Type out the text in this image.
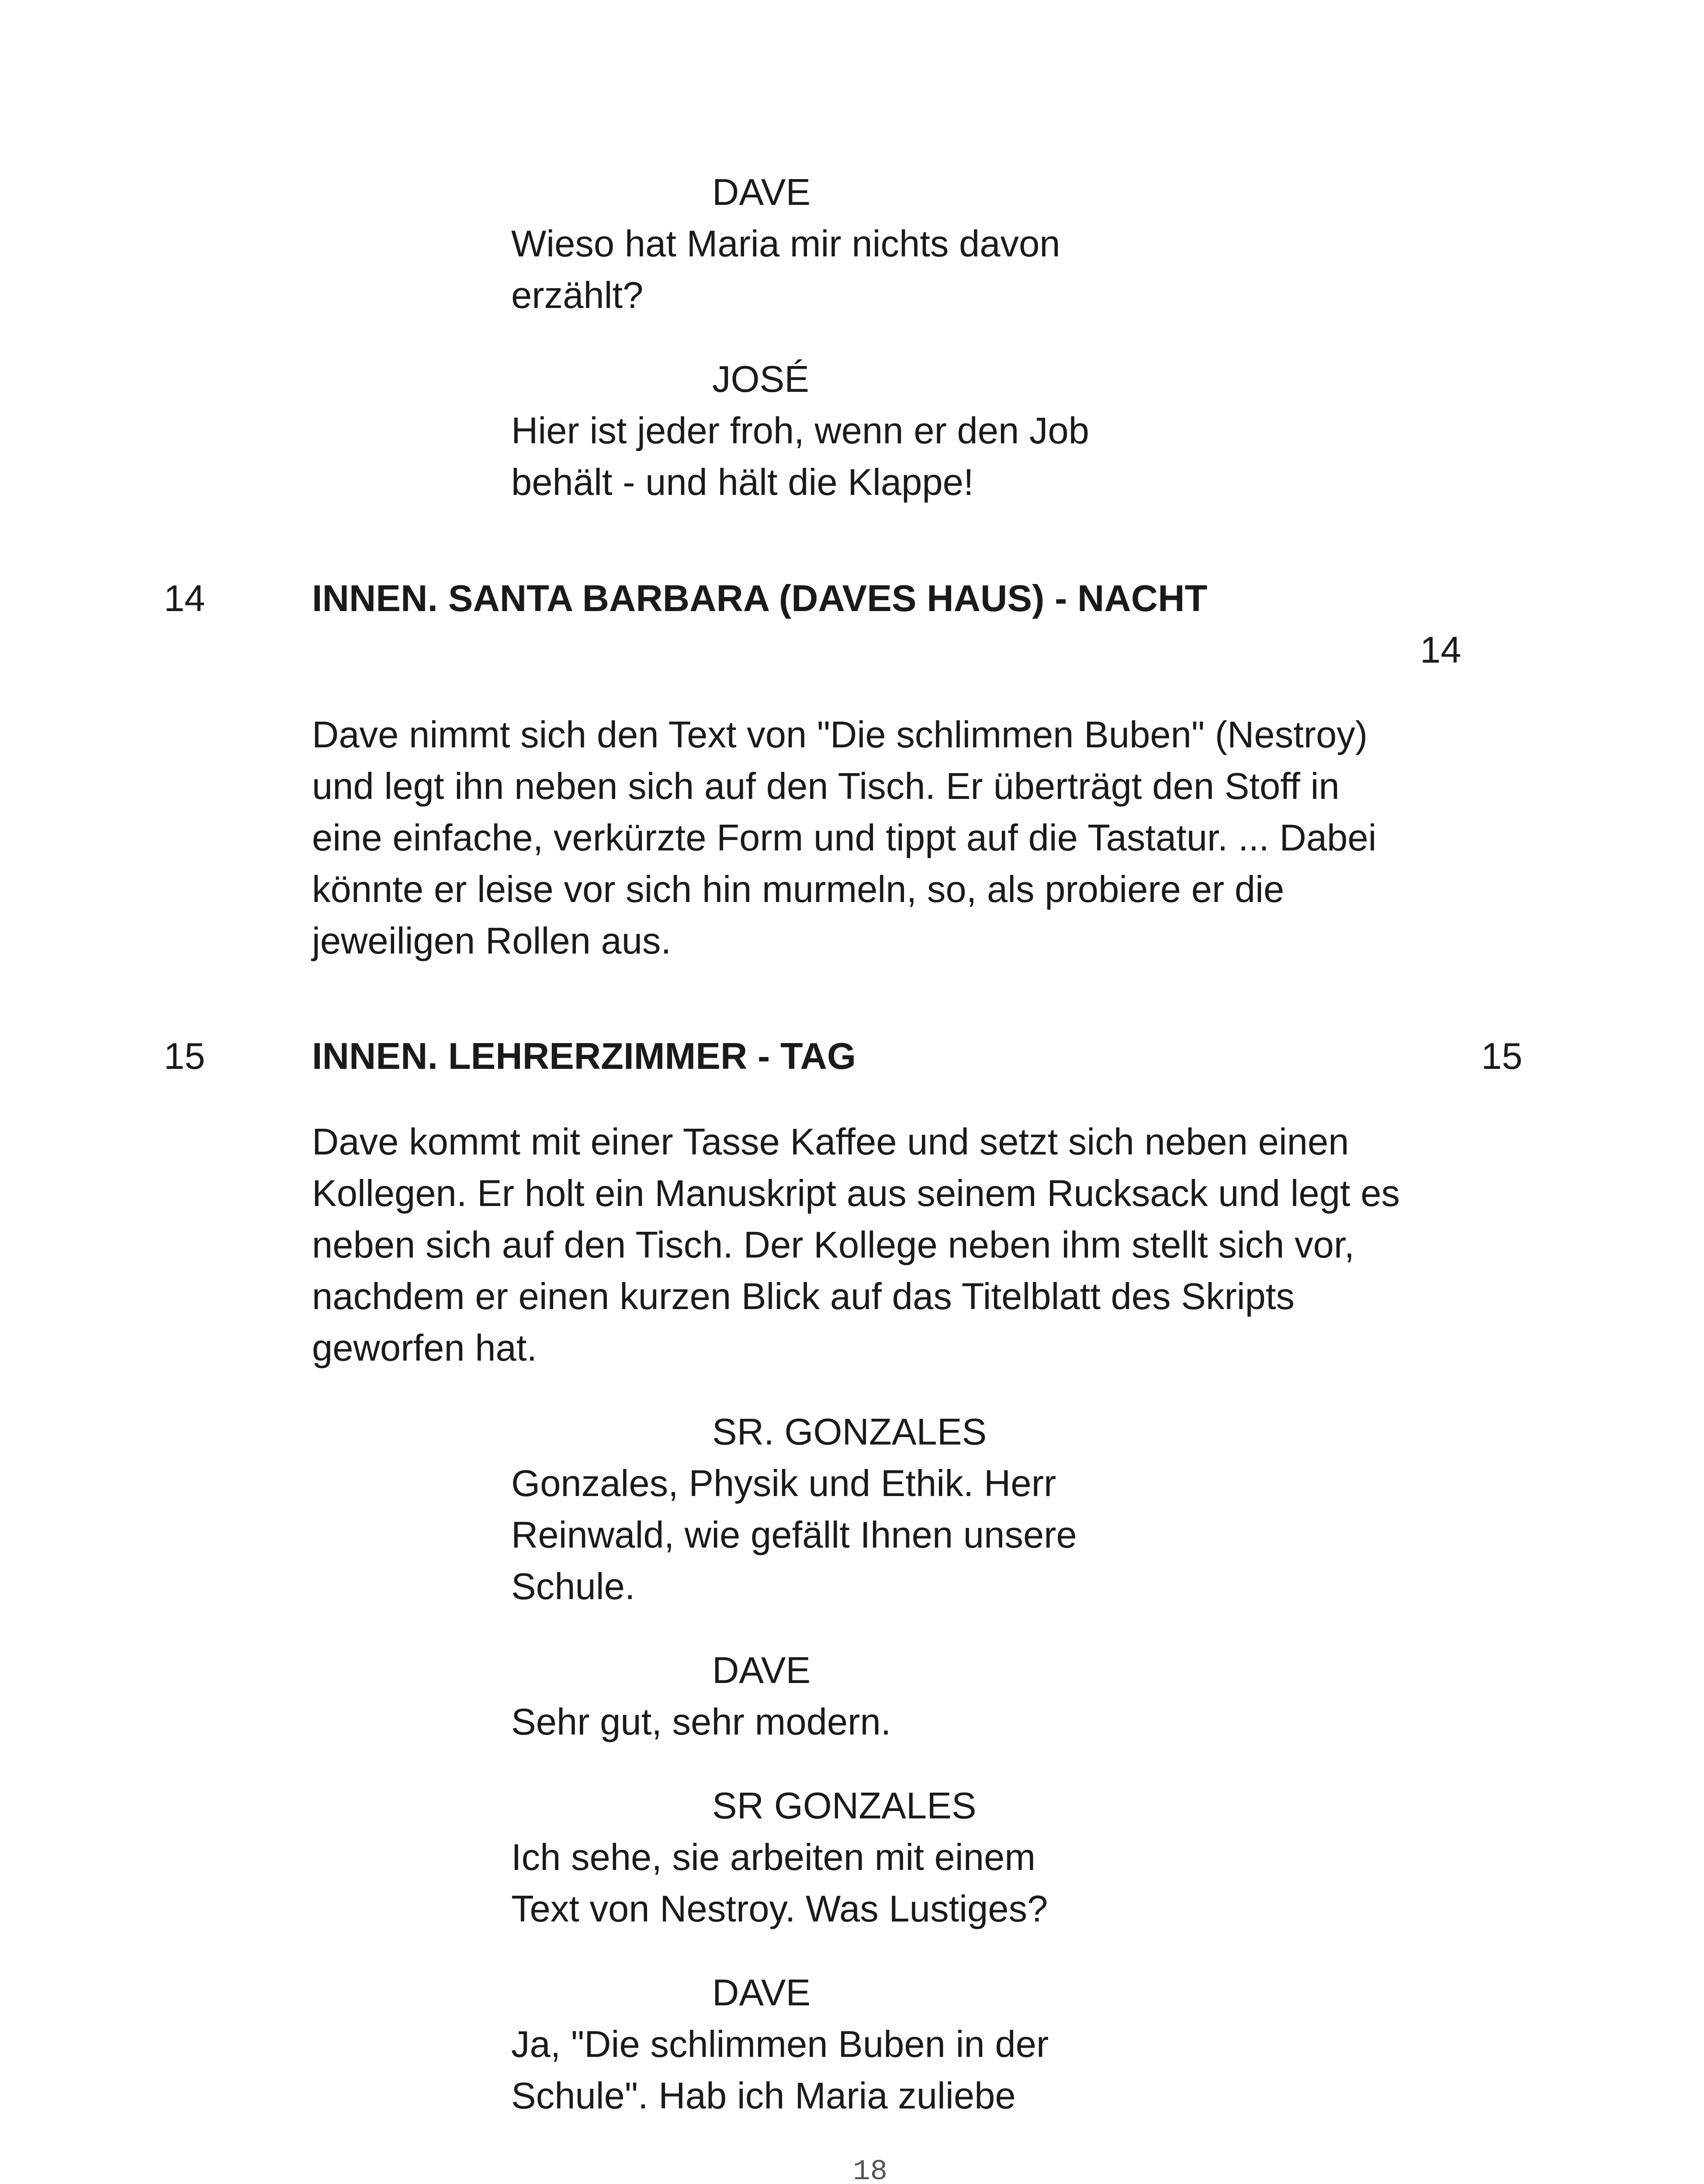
DAVE

Wieso hat Maria mir nichts davon

erzählt?

JOSÉ

Hier ist jeder froh, wenn er den Job

behält - und hält die Klappe!

14	INNEN. SANTA BARBARA (DAVES HAUS) - NACHT

14

Dave nimmt sich den Text von "Die schlimmen Buben" (Nestroy)

und legt ihn neben sich auf den Tisch. Er überträgt den Stoff in

eine einfache, verkürzte Form und tippt auf die Tastatur. ... Dabei

könnte er leise vor sich hin murmeln, so, als probiere er die

jeweiligen Rollen aus.

15	INNEN. LEHRERZIMMER - TAG	15

Dave kommt mit einer Tasse Kaffee und setzt sich neben einen

Kollegen. Er holt ein Manuskript aus seinem Rucksack und legt es

neben sich auf den Tisch. Der Kollege neben ihm stellt sich vor,

nachdem er einen kurzen Blick auf das Titelblatt des Skripts

geworfen hat.

SR. GONZALES

Gonzales, Physik und Ethik. Herr

Reinwald, wie gefällt Ihnen unsere

Schule.

DAVE

Sehr gut, sehr modern.

SR GONZALES

Ich sehe, sie arbeiten mit einem

Text von Nestroy. Was Lustiges?

DAVE

Ja, "Die schlimmen Buben in der

Schule". Hab ich Maria zuliebe

18
